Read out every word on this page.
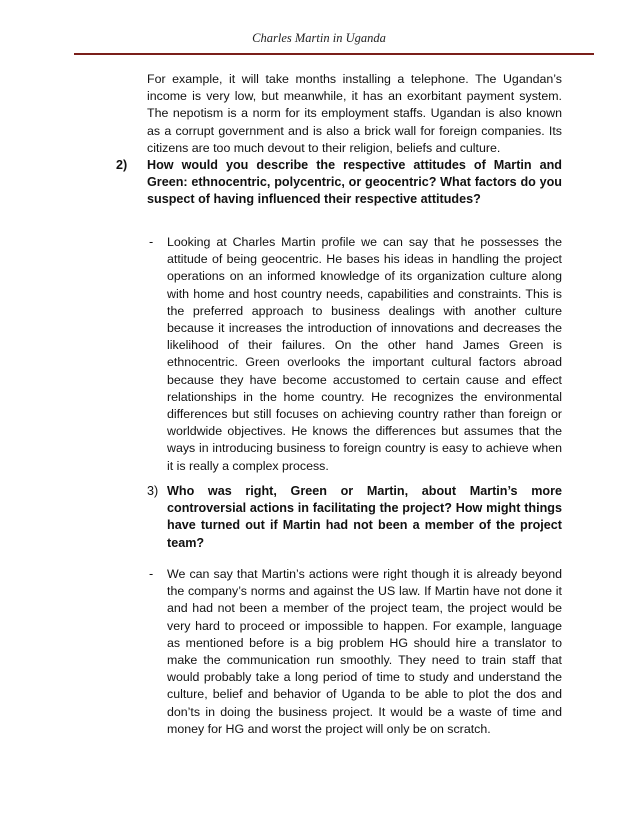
Charles Martin in Uganda
For example, it will take months installing a telephone. The Ugandan’s income is very low, but meanwhile, it has an exorbitant payment system. The nepotism is a norm for its employment staffs. Ugandan is also known as a corrupt government and is also a brick wall for foreign companies. Its citizens are too much devout to their religion, beliefs and culture.
2) How would you describe the respective attitudes of Martin and Green: ethnocentric, polycentric, or geocentric? What factors do you suspect of having influenced their respective attitudes?
- Looking at Charles Martin profile we can say that he possesses the attitude of being geocentric. He bases his ideas in handling the project operations on an informed knowledge of its organization culture along with home and host country needs, capabilities and constraints. This is the preferred approach to business dealings with another culture because it increases the introduction of innovations and decreases the likelihood of their failures. On the other hand James Green is ethnocentric. Green overlooks the important cultural factors abroad because they have become accustomed to certain cause and effect relationships in the home country. He recognizes the environmental differences but still focuses on achieving country rather than foreign or worldwide objectives. He knows the differences but assumes that the ways in introducing business to foreign country is easy to achieve when it is really a complex process.
3) Who was right, Green or Martin, about Martin’s more controversial actions in facilitating the project? How might things have turned out if Martin had not been a member of the project team?
- We can say that Martin’s actions were right though it is already beyond the company’s norms and against the US law. If Martin have not done it and had not been a member of the project team, the project would be very hard to proceed or impossible to happen. For example, language as mentioned before is a big problem HG should hire a translator to make the communication run smoothly. They need to train staff that would probably take a long period of time to study and understand the culture, belief and behavior of Uganda to be able to plot the dos and don’ts in doing the business project. It would be a waste of time and money for HG and worst the project will only be on scratch.
